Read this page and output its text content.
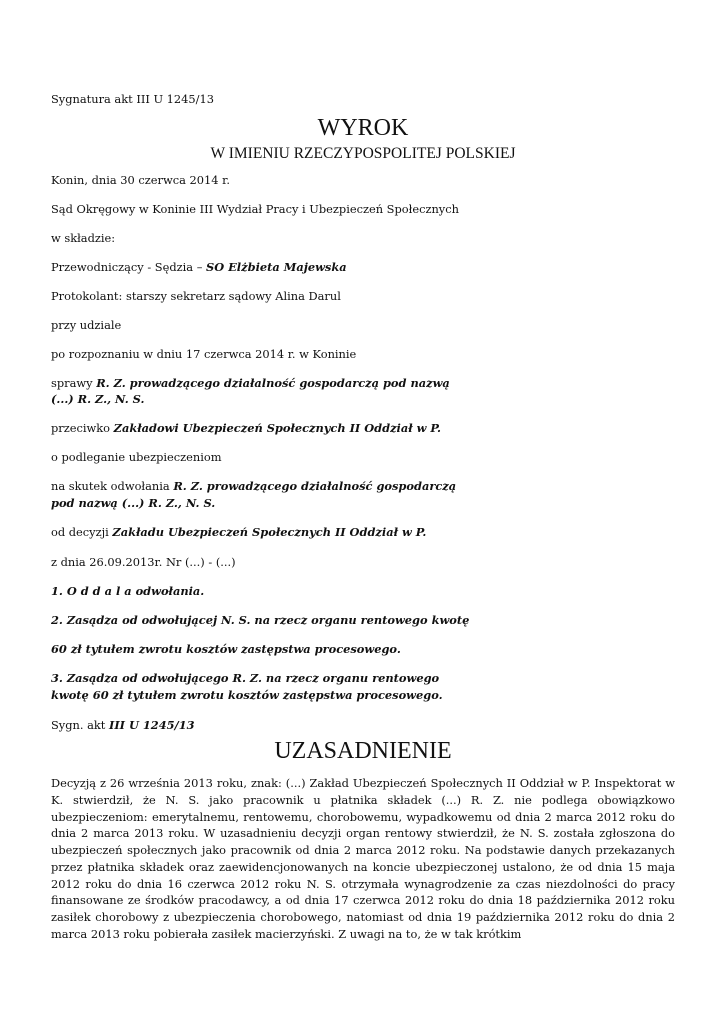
Sygnatura akt III U 1245/13
WYROK
W IMIENIU RZECZYPOSPOLITEJ POLSKIEJ
Konin, dnia 30 czerwca 2014 r.
Sąd Okręgowy w Koninie III Wydział Pracy i Ubezpieczeń Społecznych
w składzie:
Przewodniczący - Sędzia – SO Elżbieta Majewska
Protokolant: starszy sekretarz sądowy Alina Darul
przy udziale
po rozpoznaniu w dniu 17 czerwca 2014 r. w Koninie
sprawy R. Z. prowadzącego działalność gospodarczą pod nazwą
(...) R. Z., N. S.
przeciwko Zakładowi Ubezpieczeń Społecznych II Oddział w P.
o podleganie ubezpieczeniom
na skutek odwołania R. Z. prowadzącego działalność gospodarczą
pod nazwą (...) R. Z., N. S.
od decyzji Zakładu Ubezpieczeń Społecznych II Oddział w P.
z dnia 26.09.2013r. Nr (...) - (...)
1. O d d a l a odwołania.
2. Zasądza od odwołującej N. S. na rzecz organu rentowego kwotę
60 zł tytułem zwrotu kosztów zastępstwa procesowego.
3. Zasądza od odwołującego R. Z. na rzecz organu rentowego
kwotę 60 zł tytułem zwrotu kosztów zastępstwa procesowego.
Sygn. akt III U 1245/13
UZASADNIENIE
Decyzją z 26 września 2013 roku, znak: (...) Zakład Ubezpieczeń Społecznych II Oddział w P. Inspektorat w K. stwierdził, że N. S. jako pracownik u płatnika składek (...) R. Z. nie podlega obowiązkowo ubezpieczeniom: emerytalnemu, rentowemu, chorobowemu, wypadkowemu od dnia 2 marca 2012 roku do dnia 2 marca 2013 roku. W uzasadnieniu decyzji organ rentowy stwierdził, że N. S. została zgłoszona do ubezpieczeń społecznych jako pracownik od dnia 2 marca 2012 roku. Na podstawie danych przekazanych przez płatnika składek oraz zaewidencjonowanych na koncie ubezpieczonej ustalono, że od dnia 15 maja 2012 roku do dnia 16 czerwca 2012 roku N. S. otrzymała wynagrodzenie za czas niezdolności do pracy finansowane ze środków pracodawcy, a od dnia 17 czerwca 2012 roku do dnia 18 października 2012 roku zasiłek chorobowy z ubezpieczenia chorobowego, natomiast od dnia 19 października 2012 roku do dnia 2 marca 2013 roku pobierała zasiłek macierzyński. Z uwagi na to, że w tak krótkim
